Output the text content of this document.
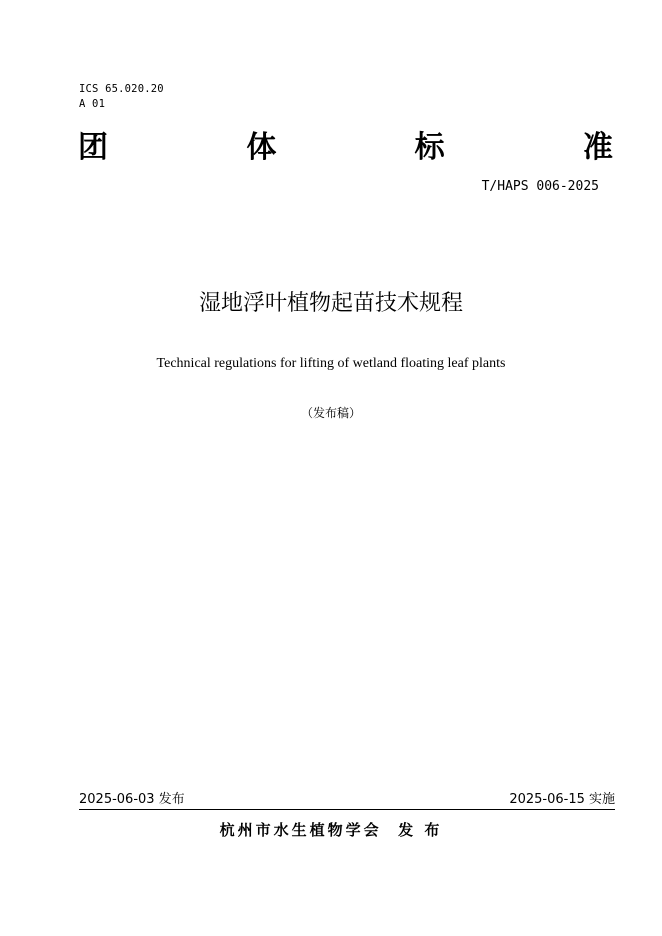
ICS 65.020.20
A 01
团	体	标	准
T/HAPS 006-2025
湿地浮叶植物起苗技术规程
Technical regulations for lifting of wetland floating leaf plants
（发布稿）
2025-06-03 发布	2025-06-15 实施
杭州市水生植物学会  发 布
